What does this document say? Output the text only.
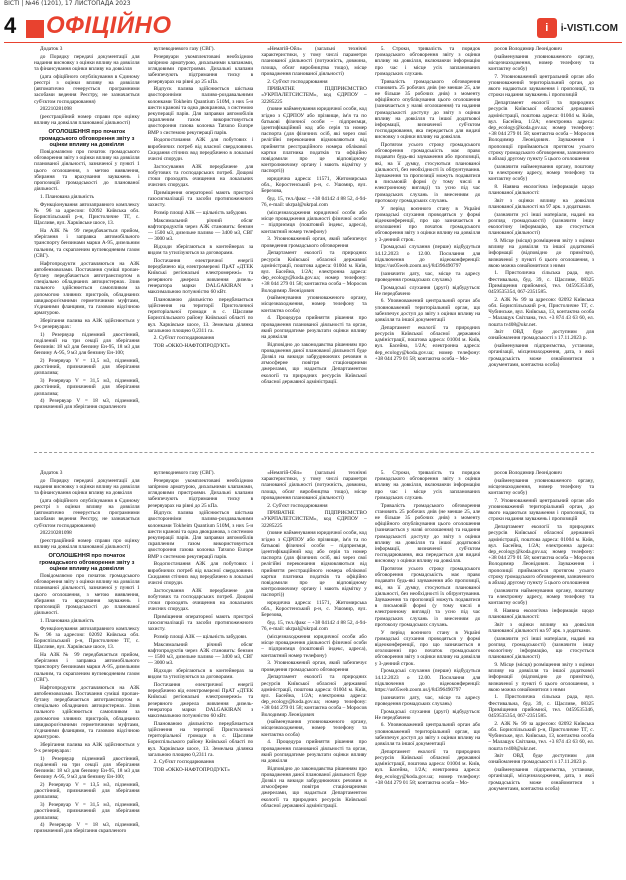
ВІСТІ | №46 (1201), 17 ЛИСТОПАДА 2023
4 ОФІЦІЙНО	i	i-VISTI.COM

Додаток 3

до Порядку передачі документації для надання висновку з оцінки впливу на довкілля та фінансування оцінки впливу на довкілля

(дата офіційного опублікування в Єдиному реєстрі з оцінки впливу на довкілля (автоматично генерується програмними засобами ведення Реєстру, не зазначається суб'єктом господарювання)

202210281098

(реєстраційний номер справи про оцінку впливу на довкілля планованої діяльності)

ОГОЛОШЕННЯ про початок громадського обговорення звіту з оцінки впливу на довкілля

Повідомляємо про початок громадського обговорення звіту з оцінки впливу на довкілля планованої діяльності, зазначеної у пункті 1 цього оголошення, з метою виявлення, збирання та врахування зауважень і пропозицій громадськості до планованої діяльності.

1. Планована діяльність

Функціонування автозаправного комплексу № 96 за адресою: 02092 Київська обл. Бориспільський р-н, Пристоличне ТГ, с. Щасливе, вул. Харківське шосе, 13.

На АЗК № 99 передбачається прийом, зберігання і заправка автомобільного транспорту бензинами марки А-95, дизельним пальним, та скрапленим вуглеводневим газом (СВГ).

Нафтопродукти доставляються на АЗК автобензовозами. Постачання суміші пропан-бутану передбачається автотранспортом в спеціально обладнаних автоцистернах. Злив пального здійснюється самопливом за допомогою зливних пристроїв, обладнаних швидкороз'ємними герметичними муфтами, з'єднаними фланцями, та газовою відсічною арматурою.

Зберігання палива на АЗК здійснюється у 9-х резервуарах:

1) Резервуар підземний двостінний, поділений на три секції для зберігання бензинів: 18 м3 для бензину Ен-95, 18 м3 для бензину А-95, 9 м3 для бензину Ен-100;

2) Резервуар V = 13,5 м3, підземний, двостінний, призначений для зберігання дизпалива;

3) Резервуар V = 31,5 м3, підземний, двостінний, призначений для зберігання дизпалива;

4) Резервуар V = 18 м3, підземний, призначений для зберігання скрапленого

вуглеводневого газу (СВГ).

Резервуари укомплектовані необхідною запірною арматурою, дихальними клапанами, оглядовими пристроями. Дихальні клапани забезпечують підтримання тиску в резервуарах на рівні до 25 кПа.

Відпуск палива здійснюється шістьма двосторонніми паливо-роздавальними колонками Tokheim Quantium 510M, з них 5-и шести кранові та одна двокранова, з системою рекуперації парів. Для заправки автомобілів скрапленим газом використовується двостороння газова колонка Tatsuno Europe BMP з системою рекуперації парів.

Водопостачання АЗК для побутових і виробничих потреб від власної свердловини. Скидання стічних вод передбачено в локальні очисні споруди.

Застосування АЗК передбачене для побутових та господарських потреб. Дощові стоки проходять очищення на локальних очисних спорудах.

Приміщення операторної мають пристрої газосигналізації та засоби протипожежного захисту.

Розмір площі АЗК — щільність забудови.

Максимальний річний обсяг нафтопродуктів через АЗК становить: бензин — 1500 м3, дизельне паливо — 3400 м3, СВГ — 3000 м3.

Відходи зберігаються в контейнерах за видом та утилізуються за договорами.

Постачання електричної енергії передбачено від електромережі ПрАТ «ДТЕК Київські регіональні електромережі» та резервного джерела живлення дизель-генератора марки DALGAKIRAN з максимальною потужністю 60 кВт.

Планованою діяльністю передбачається здійснення на території Пристоличної територіальної громади в с. Щасливе Бориспільського району Київської області по вул. Харківське шосе, 13. Земельна ділянка загальною площею 0,2311 га.

2. Суб'єкт господарювання

ТОВ «ОККО-НАФТОПРОДУКТ»

«Нематій-Ойл» (загальні технічні характеристики, у тому числі параметри планованої діяльності (потужність, довжина, площа, обсяг виробництва тощо), місце провадження планованої діяльності)

2. Суб'єкт господарювання

ПРИВАТНЕ ПІДПРИЄМСТВО «УКРПАЛЕТСИСТЕМ», код ЄДРПОУ – 32285225

(повне найменування юридичної особи, код згідно з ЄДРПОУ або прізвище, ім'я та по батькові фізичної особи – підприємця, ідентифікаційний код або серія та номер паспорта (для фізичних осіб, які через свої релігійні переконання відмовляються від прийняття реєстраційного номера облікової картки платника податків та офіційно повідомили про це відповідному контролюючому органу і мають відмітку у паспорті))

юридична адреса: 11571, Житомирська обл., Коростенський р-н, с. Ушомир, вул. Березова,

буд. 15, тел./факс – +38 04142 4 88 52, 4-94-76, e-mail: ukrpal@ukrpal.com

(місцезнаходження юридичної особи або місце провадження діяльності фізичної особи – підприємця (поштовий індекс, адреса), контактний номер телефону)

3. Уповноважений орган, який забезпечує проведення громадського обговорення

Департамент екології та природних ресурсів Київської обласної державної адміністрації, поштова адреса: 01004 м. Київ, вул. Басейна, 1/2А; електронна адреса: dep_ecology@koda.gov.ua; номер телефону: +38 044 279 01 58; контактна особа – Моросов Володимир Леонідович

(найменування уповноваженого органу, місцезнаходження, номер телефону та контактна особа)

4. Процедура прийняття рішення про провадження планованої діяльності та орган, який розглядатиме результати оцінки впливу на довкілля

Відповідно до законодавства рішенням про провадження даної планованої діяльності буде Дозвіл на викиди забруднюючих речовин в атмосферне повітря стаціонарними джерелами, що надається Департаментом екології та природних ресурсів Київської обласної державної адміністрації.

5. Строки, тривалість та порядок громадського обговорення звіту з оцінки впливу на довкілля, включаючи інформацію про час і місце усіх запланованих громадських слухань

Тривалість громадського обговорення становить 25 робочих днів (не менше 25, але не більше 35 робочих днів) з моменту офіційного опублікування цього оголошення (зазначається у назві оголошення) та надання громадськості доступу до звіту з оцінки впливу на довкілля та іншої додаткової інформації, визначеної суб'єктом господарювання, яка передається для видачі висновку з оцінки впливу на довкілля.

Протягом усього строку громадського обговорення громадськість має право подавати будь-які зауваження або пропозиції, які, на її думку, стосуються планованої діяльності, без необхідності їх обґрунтування. Зауваження та пропозиції можуть подаватися в письмовій формі (у тому числі в електронному вигляді) та усно під час громадських слухань із внесенням до протоколу громадських слухань.

У період воєнного стану в Україні громадські слухання проводяться у формі відеоконференції, про що зазначається в оголошенні про початок громадського обговорення звіту з оцінки впливу на довкілля у 3-денний строк.

Громадські слухання (перше) відбудуться 14.12.2023 о 12.00. Посилання для підключення до відеоконференції: https://us05web.zoom.us/j/84396490797

(зазначити дату, час, місце та адресу проведення громадських слухань)

Громадські слухання (другі) відбудуться: Не передбачено

6. Уповноважений центральний орган або уповноважений територіальний орган, що забезпечує доступ до звіту з оцінки впливу на довкілля та іншої документації

Департамент екології та природних ресурсів Київської обласної державної адміністрації, поштова адреса: 01004 м. Київ, вул. Басейна, 1/2А; електронна адреса: dep_ecology@koda.gov.ua; номер телефону: +38 044 279 01 58; контактна особа – Мо-

росов Володимир Леонідович

(найменування уповноваженого органу, місцезнаходження, номер телефону та контактну особу)

7. Уповноважений центральний орган або уповноважений територіальний орган, до якого надаються зауваження і пропозиції, та строки надання зауважень і пропозицій

Департамент екології та природних ресурсів Київської обласної державної адміністрації, поштова адреса: 01004 м. Київ, вул. Басейна, 1/2А; електронна адреса: dep_ecology@koda.gov.ua; номер телефону: +38 044 279 01 58; контактна особа – Моросов Володимир Леонідович. Зауваження і пропозиції приймаються протягом усього строку громадського обговорення, зазначеного в абзаці другому пункту 5 цього оголошення

(зазначити найменування органу, поштову та електронну адресу, номер телефону та контактну особу)

8. Наявна екологічна інформація щодо планованої діяльності:

Звіт з оцінки впливу на довкілля планованої діяльності на 97 арк. з додатками.

(зазначити усі інші матеріали, надані на розгляд громадськості) (зазначити іншу екологічну інформацію, що стосується планованої діяльності)

9. Місце (місця) розміщення звіту з оцінки впливу на довкілля та іншої додаткової інформації (відповідно до примітки), визначеної у пункті 6 цього оголошення, з якою можна ознайомитися з ними

1. Пристолична сільська рада, вул. Фестивальна, буд. 39, с. Щасливе, 08325 Приміщення прийомної, тел. 0459535346, 0459535354, 067-2351585.

2. АЗК № 99 за адресою: 02092 Київська обл. Бориспільський р-н, Пристоличне ТГ, с. Чубинське, вул. Київська, 13, контактна особа – Малащук Світлана, тел. +3 874 43 63 60, ел. пошта tv408@ukr.net.

Звіт ОВД буде доступним для ознайомлення громадськості з 17.11.2023 р.

(найменування підприємства, установи, організації, місцезнаходження, дата, з якої громадськість може ознайомитися з документами, контактна особа)

Додаток 3

до Порядку передачі документації для надання висновку з оцінки впливу на довкілля та фінансування оцінки впливу на довкілля

(дата офіційного опублікування в Єдиному реєстрі з оцінки впливу на довкілля (автоматично генерується програмними засобами ведення Реєстру, не зазначається суб'єктом господарювання)

202210281098

(реєстраційний номер справи про оцінку впливу на довкілля планованої діяльності)

ОГОЛОШЕННЯ про початок громадського обговорення звіту з оцінки впливу на довкілля

Повідомляємо про початок громадського обговорення звіту з оцінки впливу на довкілля планованої діяльності, зазначеної у пункті 1 цього оголошення, з метою виявлення, збирання та врахування зауважень і пропозицій громадськості до планованої діяльності.

1. Планована діяльність

Функціонування автозаправного комплексу № 96 за адресою: 02092 Київська обл. Бориспільський р-н, Пристоличне ТГ, с. Щасливе, вул. Харківське шосе, 13.

На АЗК № 99 передбачається прийом, зберігання і заправка автомобільного транспорту бензинами марки А-95, дизельним пальним, та скрапленим вуглеводневим газом (СВГ).

Нафтопродукти доставляються на АЗК автобензовозами. Постачання суміші пропан-бутану передбачається автотранспортом в спеціально обладнаних автоцистернах. Злив пального здійснюється самопливом за допомогою зливних пристроїв, обладнаних швидкороз'ємними герметичними муфтами, з'єднаними фланцями, та газовою відсічною арматурою.

Зберігання палива на АЗК здійснюється у 9-х резервуарах:

1) Резервуар підземний двостінний, поділений на три секції для зберігання бензинів: 18 м3 для бензину Ен-95, 18 м3 для бензину А-95, 9 м3 для бензину Ен-100;

2) Резервуар V = 13,5 м3, підземний, двостінний, призначений для зберігання дизпалива;

3) Резервуар V = 31,5 м3, підземний, двостінний, призначений для зберігання дизпалива;

4) Резервуар V = 18 м3, підземний, призначений для зберігання скрапленого

вуглеводневого газу (СВГ).

Резервуари укомплектовані необхідною запірною арматурою, дихальними клапанами, оглядовими пристроями. Дихальні клапани забезпечують підтримання тиску в резервуарах на рівні до 25 кПа.

Відпуск палива здійснюється шістьма двосторонніми паливо-роздавальними колонками Tokheim Quantium 510M, з них 5-и шести кранові та одна двокранова, з системою рекуперації парів. Для заправки автомобілів скрапленим газом використовується двостороння газова колонка Tatsuno Europe BMP з системою рекуперації парів.

Водопостачання АЗК для побутових і виробничих потреб від власної свердловини. Скидання стічних вод передбачено в локальні очисні споруди.

Застосування АЗК передбачене для побутових та господарських потреб. Дощові стоки проходять очищення на локальних очисних спорудах.

Приміщення операторної мають пристрої газосигналізації та засоби протипожежного захисту.

Розмір площі АЗК — щільність забудови.

Максимальний річний обсяг нафтопродуктів через АЗК становить: бензин — 1500 м3, дизельне паливо — 3400 м3, СВГ — 3000 м3.

Відходи зберігаються в контейнерах за видом та утилізуються за договорами.

Постачання електричної енергії передбачено від електромережі ПрАТ «ДТЕК Київські регіональні електромережі» та резервного джерела живлення дизель-генератора марки DALGAKIRAN з максимальною потужністю 60 кВт.

Планованою діяльністю передбачається здійснення на території Пристоличної територіальної громади в с. Щасливе Бориспільського району Київської області по вул. Харківське шосе, 13. Земельна ділянка загальною площею 0,2311 га.

2. Суб'єкт господарювання

ТОВ «ОККО-НАФТОПРОДУКТ»

«Нематій-Ойл» (загальні технічні характеристики, у тому числі параметри планованої діяльності (потужність, довжина, площа, обсяг виробництва тощо), місце провадження планованої діяльності)

2. Суб'єкт господарювання

ПРИВАТНЕ ПІДПРИЄМСТВО «УКРПАЛЕТСИСТЕМ», код ЄДРПОУ – 32285225

(повне найменування юридичної особи, код згідно з ЄДРПОУ або прізвище, ім'я та по батькові фізичної особи – підприємця, ідентифікаційний код або серія та номер паспорта (для фізичних осіб, які через свої релігійні переконання відмовляються від прийняття реєстраційного номера облікової картки платника податків та офіційно повідомили про це відповідному контролюючому органу і мають відмітку у паспорті))

юридична адреса: 11571, Житомирська обл., Коростенський р-н, с. Ушомир, вул. Березова,

буд. 15, тел./факс – +38 04142 4 88 52, 4-94-76, e-mail: ukrpal@ukrpal.com

(місцезнаходження юридичної особи або місце провадження діяльності фізичної особи – підприємця (поштовий індекс, адреса), контактний номер телефону)

3. Уповноважений орган, який забезпечує проведення громадського обговорення

Департамент екології та природних ресурсів Київської обласної державної адміністрації, поштова адреса: 01004 м. Київ, вул. Басейна, 1/2А; електронна адреса: dep_ecology@koda.gov.ua; номер телефону: +38 044 279 01 58; контактна особа – Моросов Володимир Леонідович

(найменування уповноваженого органу, місцезнаходження, номер телефону та контактна особа)

4. Процедура прийняття рішення про провадження планованої діяльності та орган, який розглядатиме результати оцінки впливу на довкілля

Відповідно до законодавства рішенням про провадження даної планованої діяльності буде Дозвіл на викиди забруднюючих речовин в атмосферне повітря стаціонарними джерелами, що надається Департаментом екології та природних ресурсів Київської обласної державної адміністрації.

5. Строки, тривалість та порядок громадського обговорення звіту з оцінки впливу на довкілля, включаючи інформацію про час і місце усіх запланованих громадських слухань

Тривалість громадського обговорення становить 25 робочих днів (не менше 25, але не більше 35 робочих днів) з моменту офіційного опублікування цього оголошення (зазначається у назві оголошення) та надання громадськості доступу до звіту з оцінки впливу на довкілля та іншої додаткової інформації, визначеної суб'єктом господарювання, яка передається для видачі висновку з оцінки впливу на довкілля.

Протягом усього строку громадського обговорення громадськість має право подавати будь-які зауваження або пропозиції, які, на її думку, стосуються планованої діяльності, без необхідності їх обґрунтування. Зауваження та пропозиції можуть подаватися в письмовій формі (у тому числі в електронному вигляді) та усно під час громадських слухань із внесенням до протоколу громадських слухань.

У період воєнного стану в Україні громадські слухання проводяться у формі відеоконференції, про що зазначається в оголошенні про початок громадського обговорення звіту з оцінки впливу на довкілля у 3-денний строк.

Громадські слухання (перше) відбудуться 14.12.2023 о 12.00. Посилання для підключення до відеоконференції: https://us05web.zoom.us/j/84396490797

(зазначити дату, час, місце та адресу проведення громадських слухань)

Громадські слухання (другі) відбудуться: Не передбачено

6. Уповноважений центральний орган або уповноважений територіальний орган, що забезпечує доступ до звіту з оцінки впливу на довкілля та іншої документації

Департамент екології та природних ресурсів Київської обласної державної адміністрації, поштова адреса: 01004 м. Київ, вул. Басейна, 1/2А; електронна адреса: dep_ecology@koda.gov.ua; номер телефону: +38 044 279 01 58; контактна особа – Мо-

росов Володимир Леонідович

(найменування уповноваженого органу, місцезнаходження, номер телефону та контактну особу)

7. Уповноважений центральний орган або уповноважений територіальний орган, до якого надаються зауваження і пропозиції, та строки надання зауважень і пропозицій

Департамент екології та природних ресурсів Київської обласної державної адміністрації, поштова адреса: 01004 м. Київ, вул. Басейна, 1/2А; електронна адреса: dep_ecology@koda.gov.ua; номер телефону: +38 044 279 01 58; контактна особа – Моросов Володимир Леонідович. Зауваження і пропозиції приймаються протягом усього строку громадського обговорення, зазначеного в абзаці другому пункту 5 цього оголошення

(зазначити найменування органу, поштову та електронну адресу, номер телефону та контактну особу)

8. Наявна екологічна інформація щодо планованої діяльності:

Звіт з оцінки впливу на довкілля планованої діяльності на 97 арк. з додатками.

(зазначити усі інші матеріали, надані на розгляд громадськості) (зазначити іншу екологічну інформацію, що стосується планованої діяльності)

9. Місце (місця) розміщення звіту з оцінки впливу на довкілля та іншої додаткової інформації (відповідно до примітки), визначеної у пункті 6 цього оголошення, з якою можна ознайомитися з ними

1. Пристолична сільська рада, вул. Фестивальна, буд. 39, с. Щасливе, 08325 Приміщення прийомної, тел. 0459535346, 0459535354, 067-2351585.

2. АЗК № 99 за адресою: 02092 Київська обл. Бориспільський р-н, Пристоличне ТГ, с. Чубинське, вул. Київська, 13, контактна особа – Малащук Світлана, тел. +3 874 43 63 60, ел. пошта tv408@ukr.net.

Звіт ОВД буде доступним для ознайомлення громадськості з 17.11.2023 р.

(найменування підприємства, установи, організації, місцезнаходження, дата, з якої громадськість може ознайомитися з документами, контактна особа)
